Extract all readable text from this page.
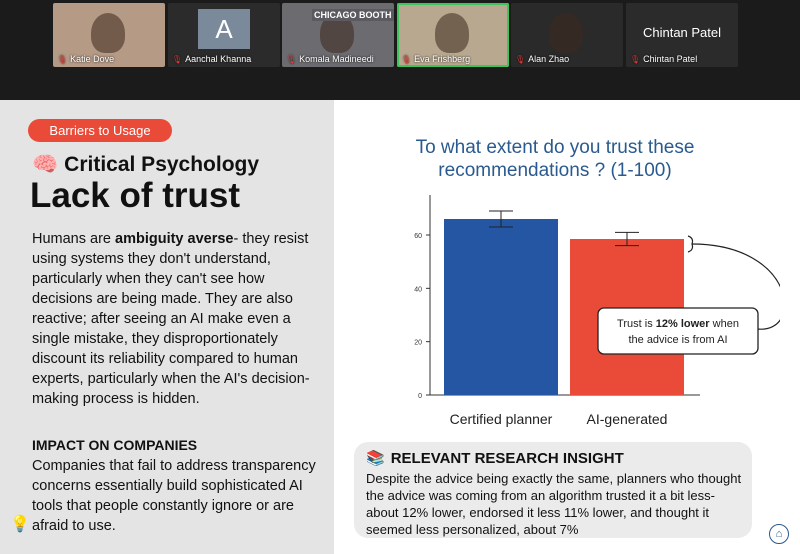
🎙 Katie Dove
A
🎙 Aanchal Khanna
CHICAGO BOOTH
🎙 Komala Madineedi	🎙 Eva Frishberg	🎙 Alan Zhao
Chintan Patel
🎙 Chintan Patel
Barriers to Usage
🧠 Critical Psychology
Lack of trust
Humans are ambiguity averse- they resist using systems they don't understand, particularly when they can't see how decisions are being made. They are also reactive; after seeing an AI make even a single mistake, they disproportionately discount its reliability compared to human experts, particularly when the AI's decision-making process is hidden.
IMPACT ON COMPANIES
Companies that fail to address transparency concerns essentially build sophisticated AI tools that people constantly ignore or are afraid to use.
💡
To what extent do you trust these recommendations ? (1-100)
0
20
40
60
Certified planner AI-generated
Trust is 12% lower when
the advice is from AI
📚 RELEVANT RESEARCH INSIGHT
Despite the advice being exactly the same, planners who thought the advice was coming from an algorithm trusted it a bit less- about 12% lower, endorsed it less 11% lower, and thought it seemed less personalized, about 7%	⌂
